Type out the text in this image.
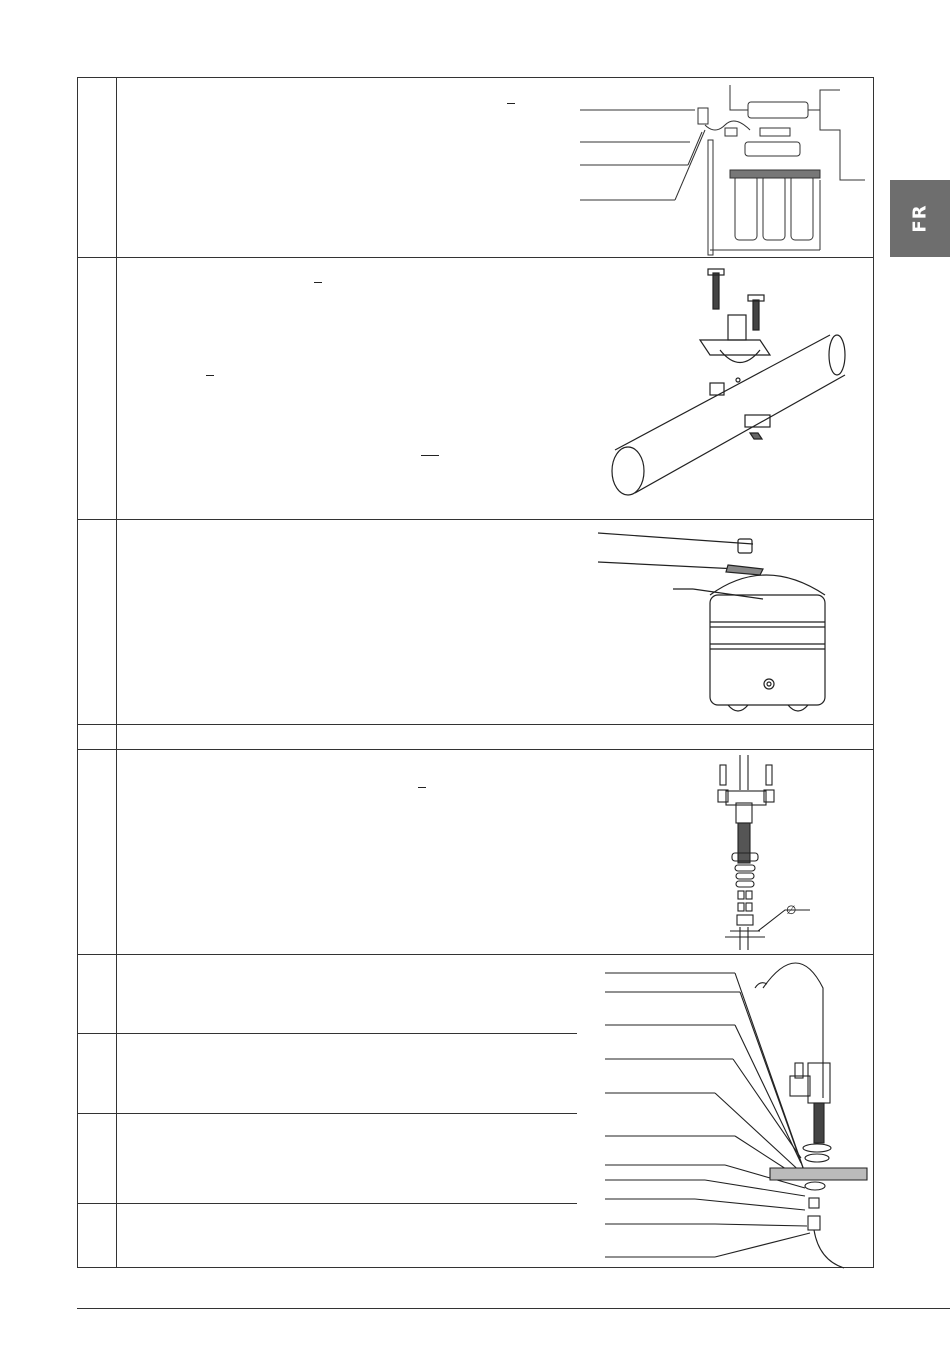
FR
∅
